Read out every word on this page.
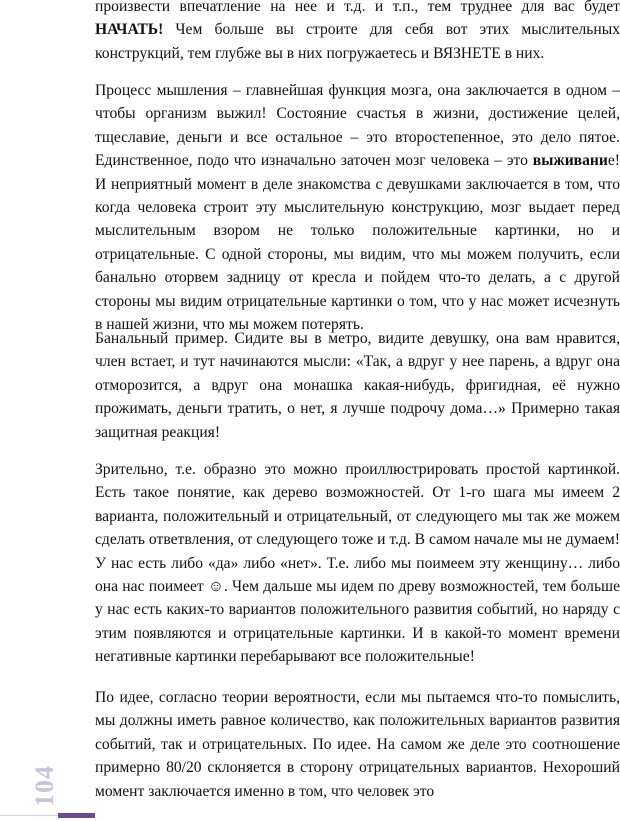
произвести впечатление на нее и т.д. и т.п., тем труднее для вас будет НАЧАТЬ! Чем больше вы строите для себя вот этих мыслительных конструкций, тем глубже вы в них погружаетесь и ВЯЗНЕТЕ в них.

Процесс мышления – главнейшая функция мозга, она заключается в одном – чтобы организм выжил! Состояние счастья в жизни, достижение целей, тщеславие, деньги и все остальное – это второстепенное, это дело пятое. Единственное, подо что изначально заточен мозг человека – это выживание! И неприятный момент в деле знакомства с девушками заключается в том, что когда человека строит эту мыслительную конструкцию, мозг выдает перед мыслительным взором не только положительные картинки, но и отрицательные. С одной стороны, мы видим, что мы можем получить, если банально оторвем задницу от кресла и пойдем что-то делать, а с другой стороны мы видим отрицательные картинки о том, что у нас может исчезнуть в нашей жизни, что мы можем потерять.

Банальный пример. Сидите вы в метро, видите девушку, она вам нравится, член встает, и тут начинаются мысли: «Так, а вдруг у нее парень, а вдруг она отморозится, а вдруг она монашка какая-нибудь, фригидная, её нужно прожимать, деньги тратить, о нет, я лучше подрочу дома…» Примерно такая защитная реакция!

Зрительно, т.е. образно это можно проиллюстрировать простой картинкой. Есть такое понятие, как дерево возможностей. От 1-го шага мы имеем 2 варианта, положительный и отрицательный, от следующего мы так же можем сделать ответвления, от следующего тоже и т.д. В самом начале мы не думаем! У нас есть либо «да» либо «нет». Т.е. либо мы поимеем эту женщину… либо она нас поимеет ☺. Чем дальше мы идем по древу возможностей, тем больше у нас есть каких-то вариантов положительного развития событий, но наряду с этим появляются и отрицательные картинки. И в какой-то момент времени негативные картинки перебарывают все положительные!

По идее, согласно теории вероятности, если мы пытаемся что-то помыслить, мы должны иметь равное количество, как положительных вариантов развития событий, так и отрицательных. По идее. На самом же деле это соотношение примерно 80/20 склоняется в сторону отрицательных вариантов. Нехороший момент заключается именно в том, что человек это

104
